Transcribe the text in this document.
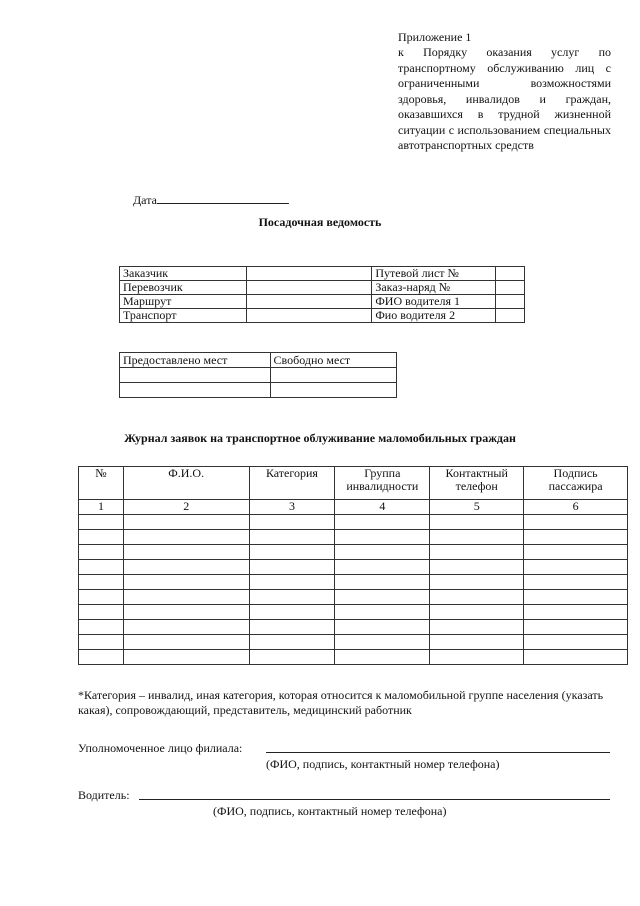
Приложение 1
к Порядку оказания услуг по транспортному обслуживанию лиц с ограниченными возможностями здоровья, инвалидов и граждан, оказавшихся в трудной жизненной ситуации с использованием специальных автотранспортных средств
Дата
Посадочная ведомость
Заказчик		Путевой лист №	
Перевозчик		Заказ-наряд №	
Маршрут		ФИО водителя 1	
Транспорт		Фио водителя 2	
Предоставлено мест	Свободно мест

Журнал заявок на транспортное облуживание маломобильных граждан
№	Ф.И.О.	Категория	Группа инвалидности	Контактный телефон	Подпись пассажира
1	2	3	4	5	6

*Категория – инвалид, иная категория, которая относится к маломобильной группе населения (указать какая), сопровождающий, представитель, медицинский работник
Уполномоченное лицо филиала:
(ФИО, подпись, контактный номер телефона)
Водитель:
(ФИО, подпись, контактный номер телефона)
